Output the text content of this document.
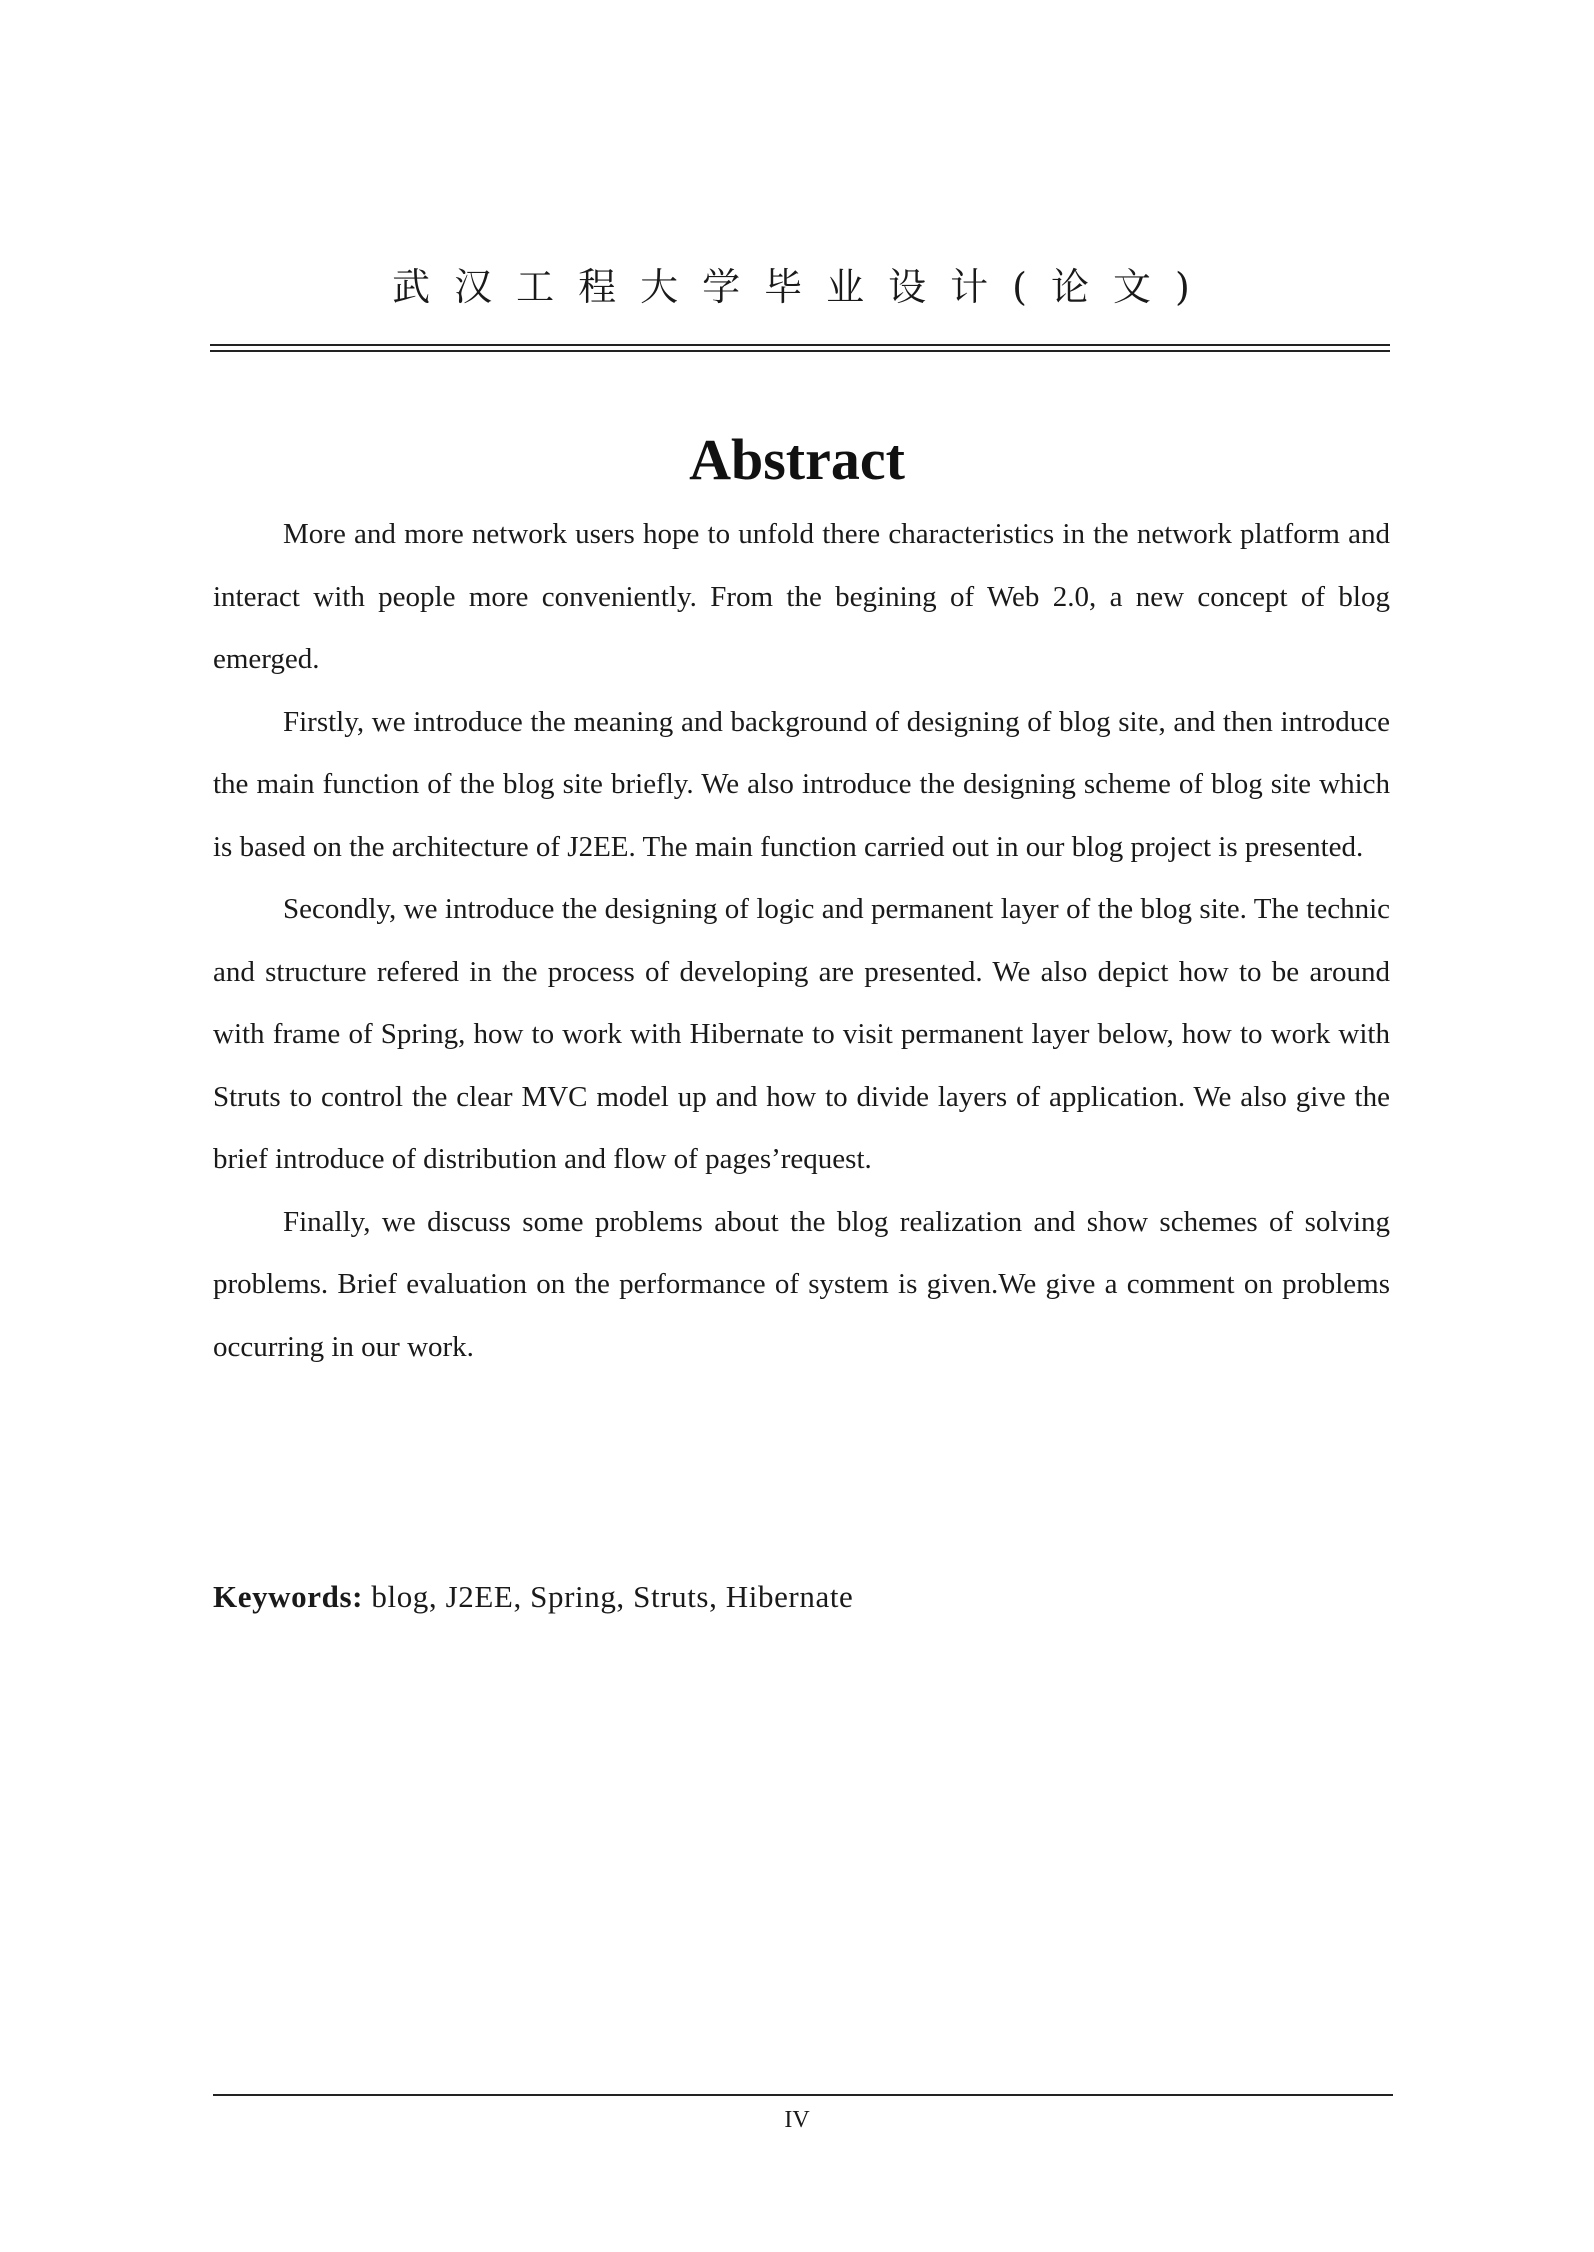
武汉工程大学毕业设计(论文)
Abstract

More and more network users hope to unfold there characteristics in the network platform and interact with people more conveniently. From the begining of Web 2.0, a new concept of blog emerged.

Firstly, we introduce the meaning and background of designing of blog site, and then introduce the main function of the blog site briefly. We also introduce the designing scheme of blog site which is based on the architecture of J2EE. The main function carried out in our blog project is presented.

Secondly, we introduce the designing of logic and permanent layer of the blog site. The technic and structure refered in the process of developing are presented. We also depict how to be around with frame of Spring, how to work with Hibernate to visit permanent layer below, how to work with Struts to control the clear MVC model up and how to divide layers of application. We also give the brief introduce of distribution and flow of pages’request.

Finally, we discuss some problems about the blog realization and show schemes of solving problems. Brief evaluation on the performance of system is given.We give a comment on problems occurring in our work.

Keywords: blog, J2EE, Spring, Struts, Hibernate
IV
